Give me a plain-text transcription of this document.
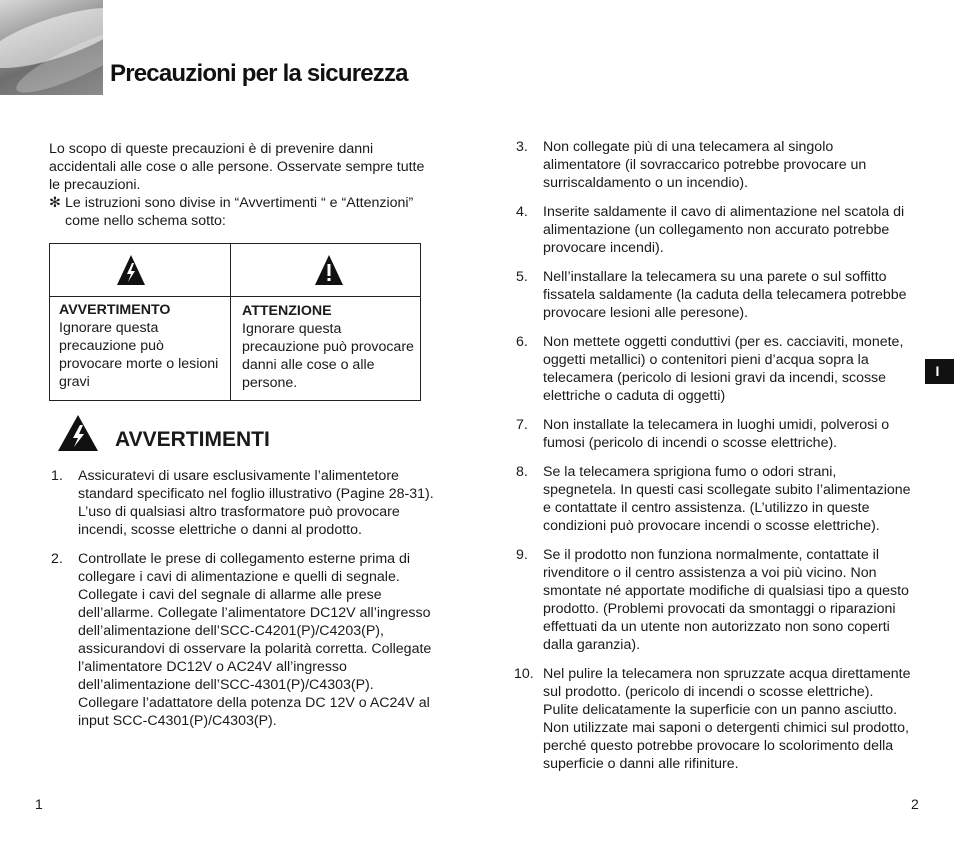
Precauzioni per la sicurezza

Lo scopo di queste precauzioni è di prevenire danni accidentali alle cose o alle persone. Osservate sempre tutte le precauzioni.

✻ Le istruzioni sono divise in “Avvertimenti “ e “Attenzioni” come nello schema sotto:

AVVERTIMENTO
Ignorare questa precauzione può provocare morte o lesioni gravi
ATTENZIONE
Ignorare questa precauzione può provocare danni alle cose o alle persone.
AVVERTIMENTI
1. Assicuratevi di usare esclusivamente l’alimentetore standard specificato nel foglio illustrativo (Pagine 28-31). L’uso di qualsiasi altro trasformatore può provocare incendi, scosse elettriche o danni al prodotto.
2. Controllate le prese di collegamento esterne prima di collegare i cavi di alimentazione e quelli di segnale. Collegate i cavi del segnale di allarme alle prese dell’allarme. Collegate l’alimentatore DC12V all’ingresso dell’alimentazione dell’SCC-C4201(P)/C4203(P), assicurandovi di osservare la polarità corretta. Collegate l’alimentatore DC12V o AC24V all’ingresso dell’alimentazione dell’SCC-4301(P)/C4303(P).
Collegare l’adattatore della potenza DC 12V o AC24V al input SCC-C4301(P)/C4303(P).
3. Non collegate più di una telecamera al singolo alimentatore (il sovraccarico potrebbe provocare un surriscaldamento o un incendio).
4. Inserite saldamente il cavo di alimentazione nel scatola di alimentazione (un collegamento non accurato potrebbe provocare incendi).
5. Nell’installare la telecamera su una parete o sul soffitto fissatela saldamente (la caduta della telecamera potrebbe provocare lesioni alle peresone).
6. Non mettete oggetti conduttivi (per es. cacciaviti, monete, oggetti metallici) o contenitori pieni d’acqua sopra la telecamera (pericolo di lesioni gravi da incendi, scosse elettriche o caduta di oggetti)
7. Non installate la telecamera in luoghi umidi, polverosi o fumosi (pericolo di incendi o scosse elettriche).
8. Se la telecamera sprigiona fumo o odori strani, spegnetela. In questi casi scollegate subito l’alimentazione e contattate il centro assistenza. (L’utilizzo in queste condizioni può provocare incendi o scosse elettriche).
9. Se il prodotto non funziona normalmente, contattate il rivenditore o il centro assistenza a voi più vicino. Non smontate né apportate modifiche di qualsiasi tipo a questo prodotto. (Problemi provocati da smontaggi o riparazioni effettuati da un utente non autorizzato non sono coperti dalla garanzia).
10. Nel pulire la telecamera non spruzzate acqua direttamente sul prodotto. (pericolo di incendi o scosse elettriche). Pulite delicatamente la superficie con un panno asciutto. Non utilizzate mai saponi o detergenti chimici sul prodotto, perché questo potrebbe provocare lo scolorimento della superficie o danni alle rifiniture.
I
1	2
